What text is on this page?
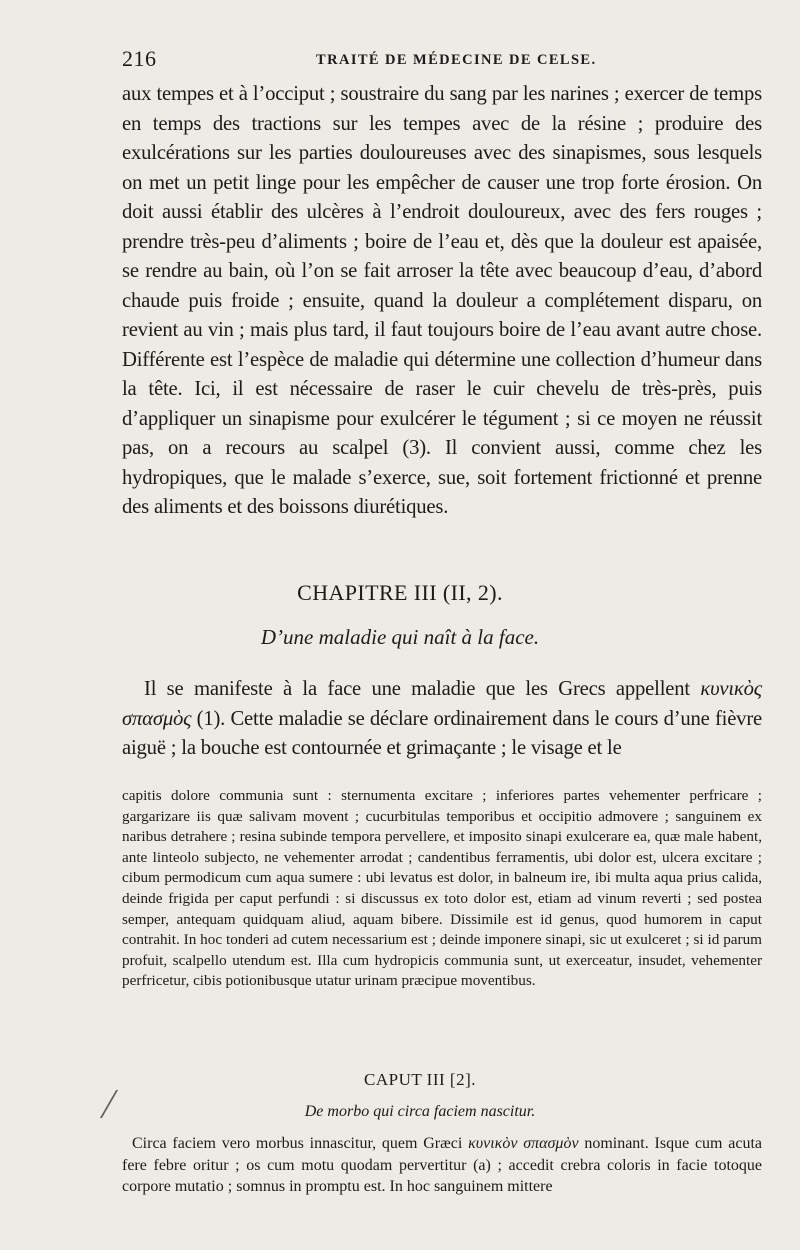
216	TRAITÉ DE MÉDECINE DE CELSE.

aux tempes et à l’occiput ; soustraire du sang par les narines ; exercer de temps en temps des tractions sur les tempes avec de la résine ; produire des exulcérations sur les parties douloureuses avec des sinapismes, sous lesquels on met un petit linge pour les empêcher de causer une trop forte érosion. On doit aussi établir des ulcères à l’endroit douloureux, avec des fers rouges ; prendre très-peu d’aliments ; boire de l’eau et, dès que la douleur est apaisée, se rendre au bain, où l’on se fait arroser la tête avec beaucoup d’eau, d’abord chaude puis froide ; ensuite, quand la douleur a complétement disparu, on revient au vin ; mais plus tard, il faut toujours boire de l’eau avant autre chose. Différente est l’espèce de maladie qui détermine une collection d’humeur dans la tête. Ici, il est nécessaire de raser le cuir chevelu de très-près, puis d’appliquer un sinapisme pour exulcérer le tégument ; si ce moyen ne réussit pas, on a recours au scalpel (3). Il convient aussi, comme chez les hydropiques, que le malade s’exerce, sue, soit fortement frictionné et prenne des aliments et des boissons diurétiques.

CHAPITRE III (II, 2).
D’une maladie qui naît à la face.

Il se manifeste à la face une maladie que les Grecs appellent κυνικὸς σπασμὸς (1). Cette maladie se déclare ordinairement dans le cours d’une fièvre aiguë ; la bouche est contournée et grimaçante ; le visage et le

capitis dolore communia sunt : sternumenta excitare ; inferiores partes vehementer perfricare ; gargarizare iis quæ salivam movent ; cucurbitulas temporibus et occipitio admovere ; sanguinem ex naribus detrahere ; resina subinde tempora pervellere, et imposito sinapi exulcerare ea, quæ male habent, ante linteolo subjecto, ne vehementer arrodat ; candentibus ferramentis, ubi dolor est, ulcera excitare ; cibum permodicum cum aqua sumere : ubi levatus est dolor, in balneum ire, ibi multa aqua prius calida, deinde frigida per caput perfundi : si discussus ex toto dolor est, etiam ad vinum reverti ; sed postea semper, antequam quidquam aliud, aquam bibere. Dissimile est id genus, quod humorem in caput contrahit. In hoc tonderi ad cutem necessarium est ; deinde imponere sinapi, sic ut exulceret ; si id parum profuit, scalpello utendum est. Illa cum hydropicis communia sunt, ut exerceatur, insudet, vehementer perfricetur, cibis potionibusque utatur urinam præcipue moventibus.

CAPUT III [2].
De morbo qui circa faciem nascitur.

Circa faciem vero morbus innascitur, quem Græci κυνικὸν σπασμὸν nominant. Isque cum acuta fere febre oritur ; os cum motu quodam pervertitur (a) ; accedit crebra coloris in facie totoque corpore mutatio ; somnus in promptu est. In hoc sanguinem mittere
